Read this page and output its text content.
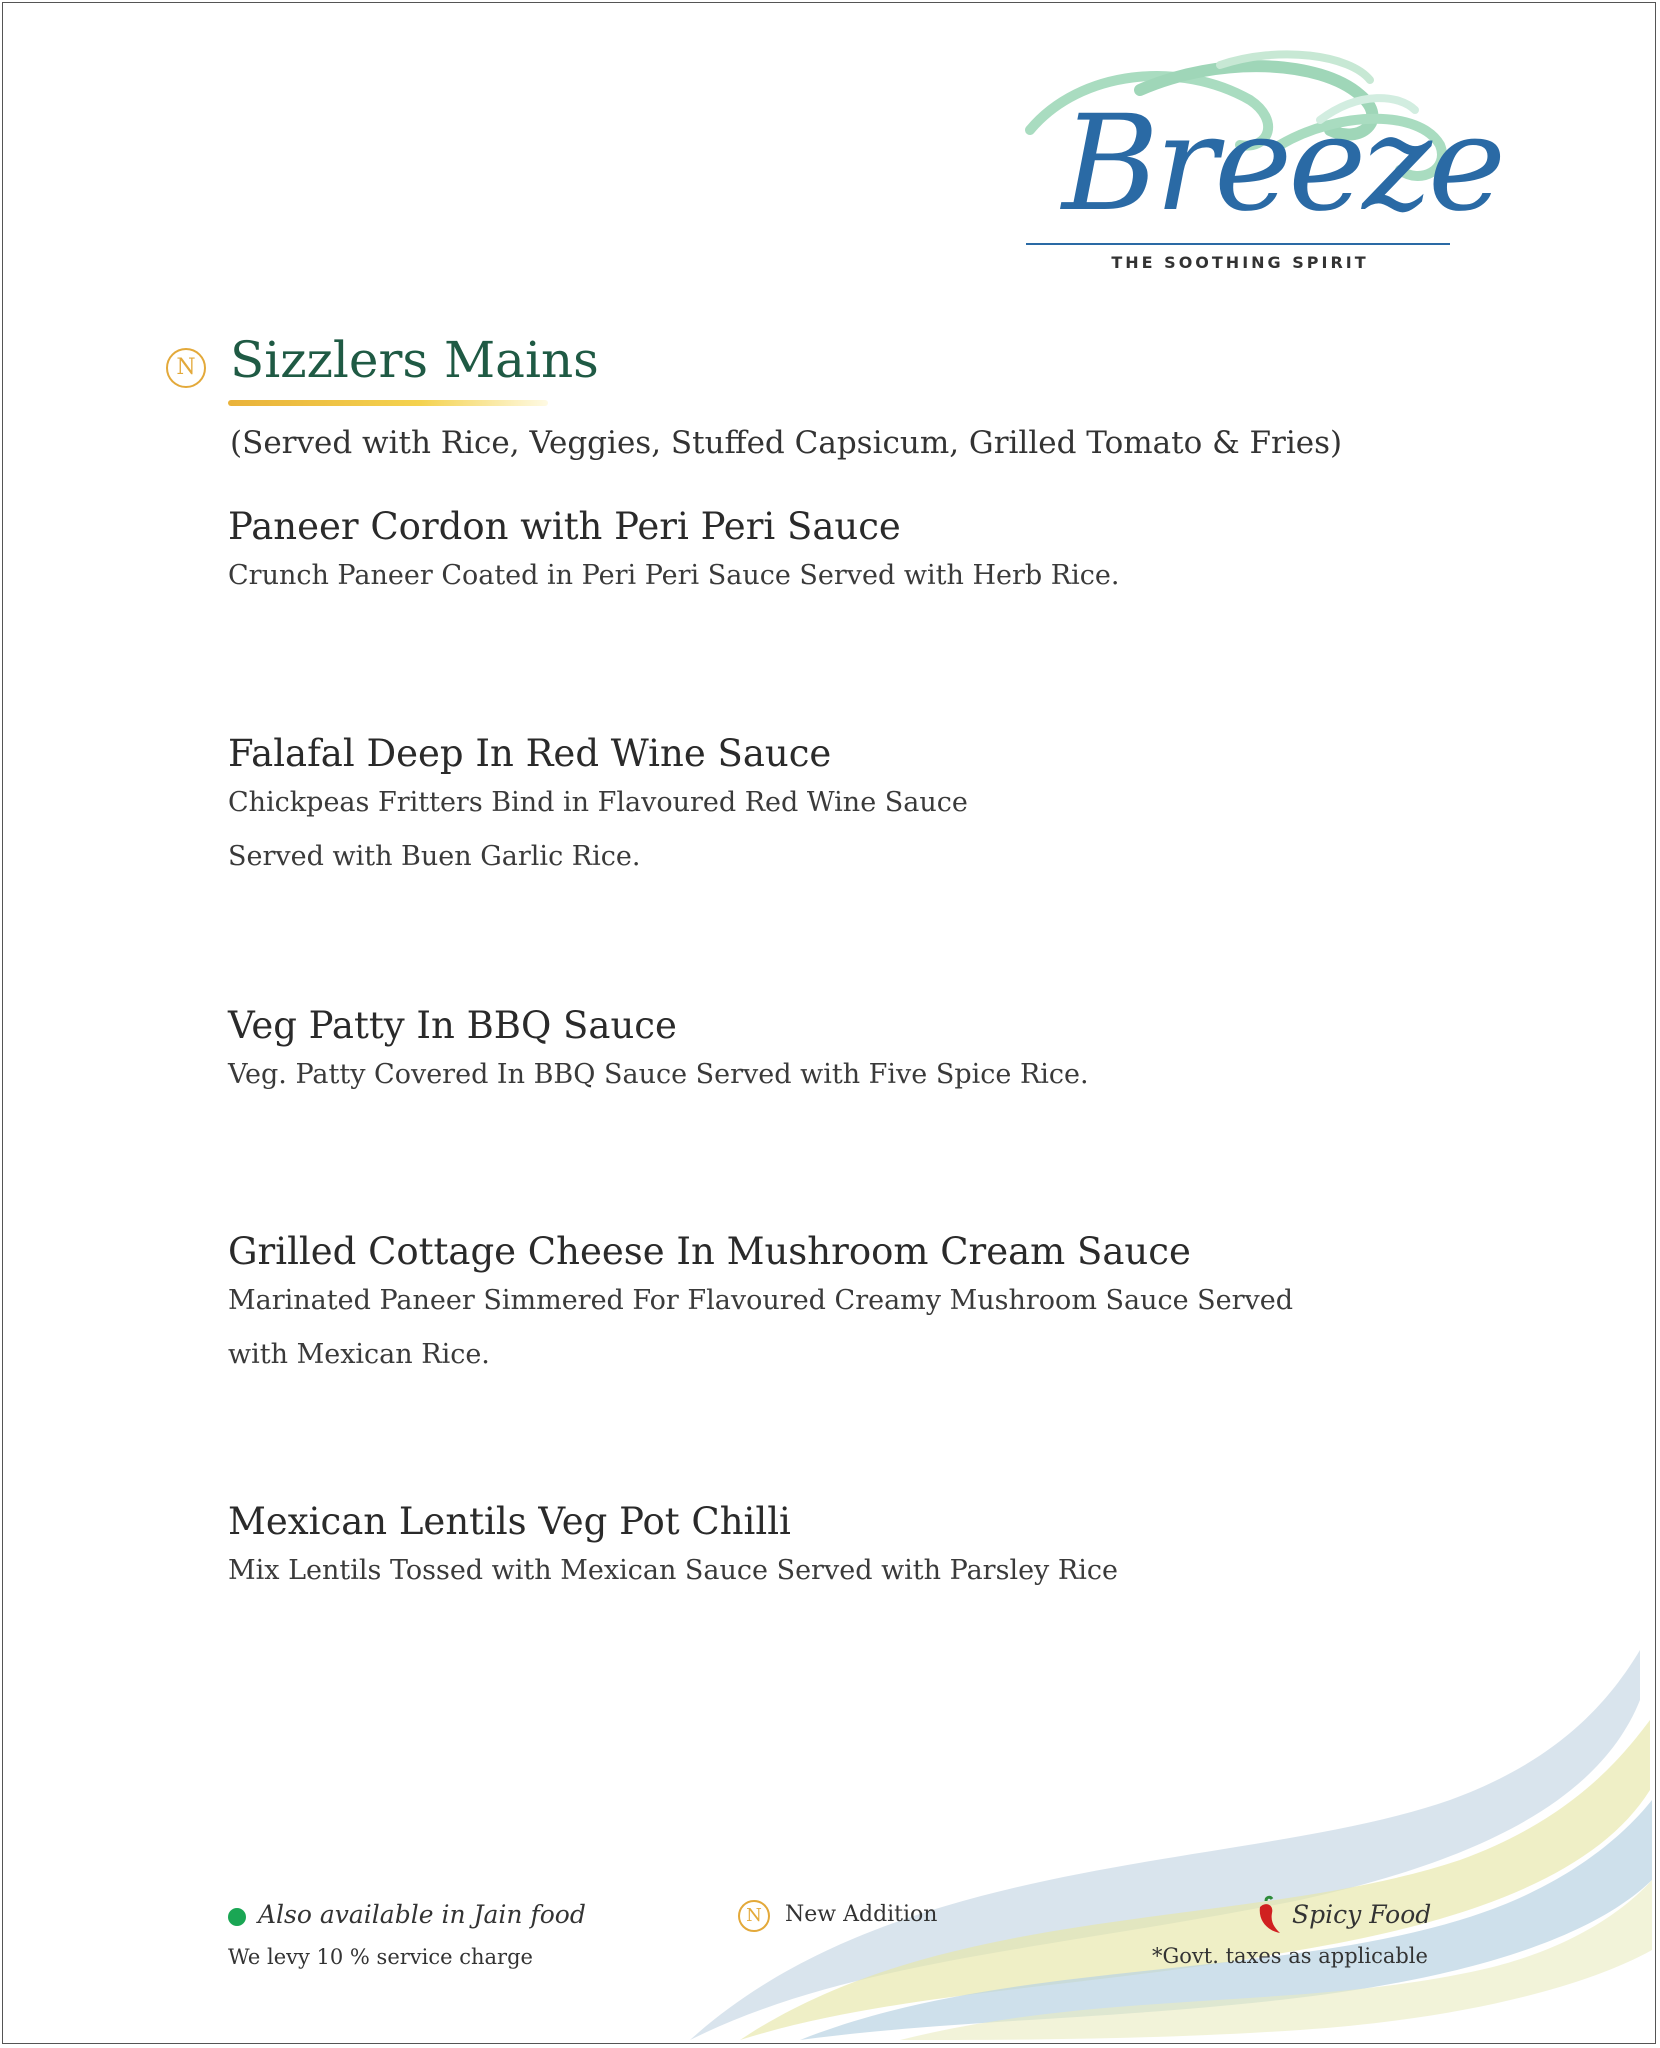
Breeze
THE SOOTHING SPIRIT
N Sizzlers Mains
(Served with Rice, Veggies, Stuffed Capsicum, Grilled Tomato & Fries)
Paneer Cordon with Peri Peri Sauce
Crunch Paneer Coated in Peri Peri Sauce Served with Herb Rice.
Falafal Deep In Red Wine Sauce
Chickpeas Fritters Bind in Flavoured Red Wine Sauce
Served with Buen Garlic Rice.
Veg Patty In BBQ Sauce
Veg. Patty Covered In BBQ Sauce Served with Five Spice Rice.
Grilled Cottage Cheese In Mushroom Cream Sauce
Marinated Paneer Simmered For Flavoured Creamy Mushroom Sauce Served
with Mexican Rice.
Mexican Lentils Veg Pot Chilli
Mix Lentils Tossed with Mexican Sauce Served with Parsley Rice
Also available in Jain food
We levy 10 % service charge
N	New Addition	Spicy Food
*Govt. taxes as applicable
